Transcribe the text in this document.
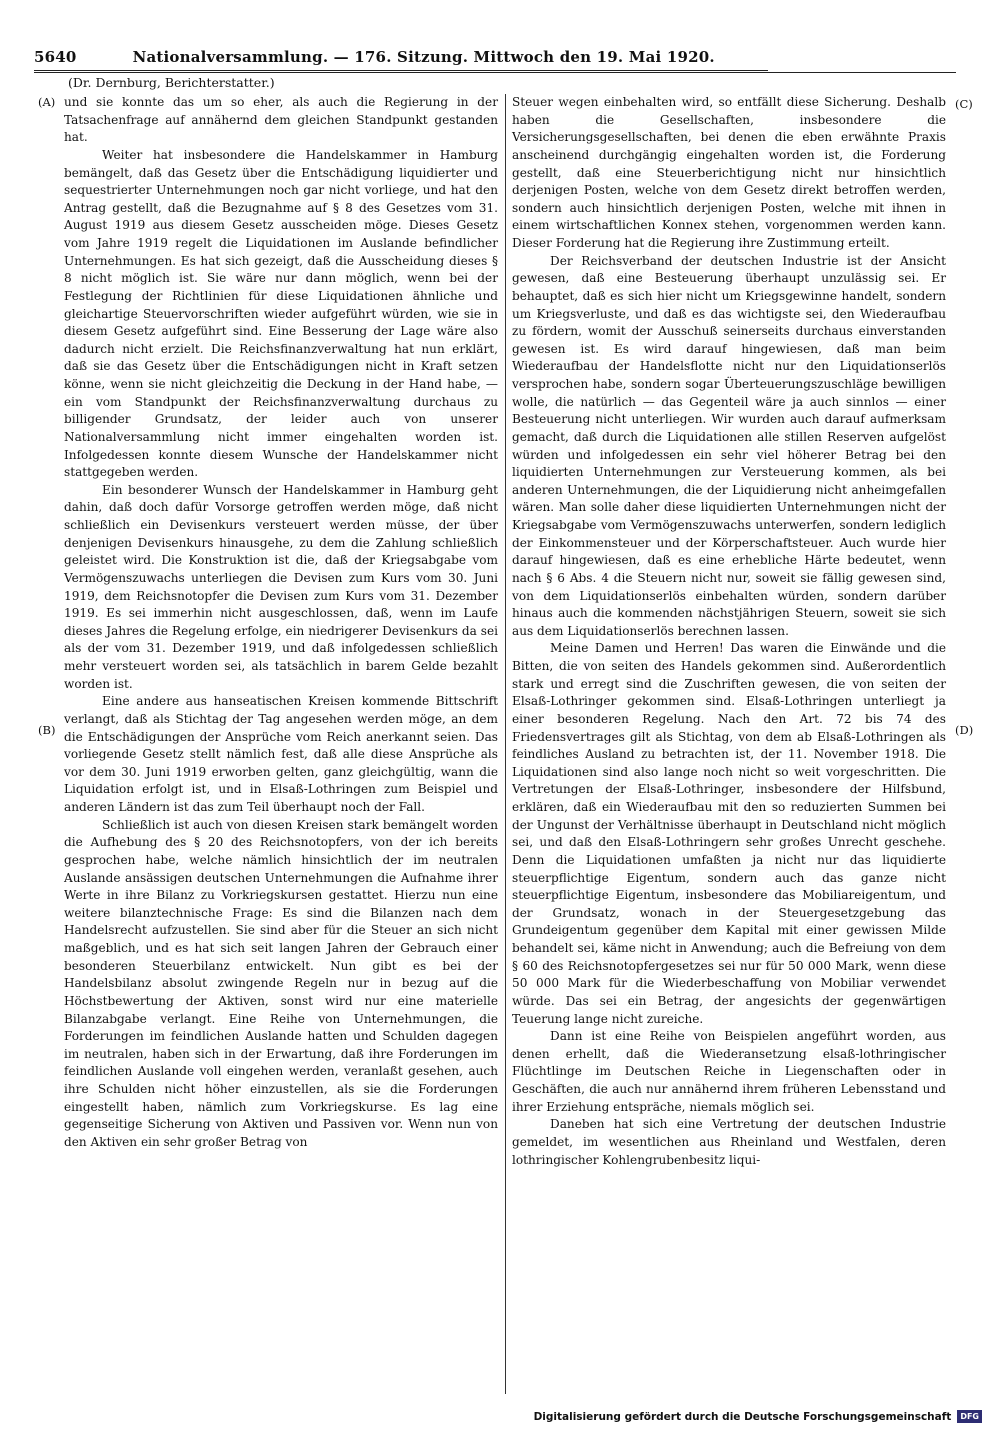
5640	Nationalversammlung. — 176. Sitzung. Mittwoch den 19. Mai 1920.
(Dr. Dernburg, Berichterstatter.)
(A)
(B)
(C)
(D)

und sie konnte das um so eher, als auch die Regierung in der Tatsachenfrage auf annähernd dem gleichen Standpunkt gestanden hat.

Weiter hat insbesondere die Handelskammer in Hamburg bemängelt, daß das Gesetz über die Entschädigung liquidierter und sequestrierter Unternehmungen noch gar nicht vorliege, und hat den Antrag gestellt, daß die Bezugnahme auf § 8 des Gesetzes vom 31. August 1919 aus diesem Gesetz ausscheiden möge. Dieses Gesetz vom Jahre 1919 regelt die Liquidationen im Auslande befindlicher Unternehmungen. Es hat sich gezeigt, daß die Ausscheidung dieses § 8 nicht möglich ist. Sie wäre nur dann möglich, wenn bei der Festlegung der Richtlinien für diese Liquidationen ähnliche und gleichartige Steuervorschriften wieder aufgeführt würden, wie sie in diesem Gesetz aufgeführt sind. Eine Besserung der Lage wäre also dadurch nicht erzielt. Die Reichsfinanzverwaltung hat nun erklärt, daß sie das Gesetz über die Entschädigungen nicht in Kraft setzen könne, wenn sie nicht gleichzeitig die Deckung in der Hand habe, — ein vom Standpunkt der Reichsfinanzverwaltung durchaus zu billigender Grundsatz, der leider auch von unserer Nationalversammlung nicht immer eingehalten worden ist. Infolgedessen konnte diesem Wunsche der Handelskammer nicht stattgegeben werden.

Ein besonderer Wunsch der Handelskammer in Hamburg geht dahin, daß doch dafür Vorsorge getroffen werden möge, daß nicht schließlich ein Devisenkurs versteuert werden müsse, der über denjenigen Devisenkurs hinausgehe, zu dem die Zahlung schließlich geleistet wird. Die Konstruktion ist die, daß der Kriegsabgabe vom Vermögenszuwachs unterliegen die Devisen zum Kurs vom 30. Juni 1919, dem Reichsnotopfer die Devisen zum Kurs vom 31. Dezember 1919. Es sei immerhin nicht ausgeschlossen, daß, wenn im Laufe dieses Jahres die Regelung erfolge, ein niedrigerer Devisenkurs da sei als der vom 31. Dezember 1919, und daß infolgedessen schließlich mehr versteuert worden sei, als tatsächlich in barem Gelde bezahlt worden ist.

Eine andere aus hanseatischen Kreisen kommende Bittschrift verlangt, daß als Stichtag der Tag angesehen werden möge, an dem die Entschädigungen der Ansprüche vom Reich anerkannt seien. Das vorliegende Gesetz stellt nämlich fest, daß alle diese Ansprüche als vor dem 30. Juni 1919 erworben gelten, ganz gleichgültig, wann die Liquidation erfolgt ist, und in Elsaß-Lothringen zum Beispiel und anderen Ländern ist das zum Teil überhaupt noch der Fall.

Schließlich ist auch von diesen Kreisen stark bemängelt worden die Aufhebung des § 20 des Reichsnotopfers, von der ich bereits gesprochen habe, welche nämlich hinsichtlich der im neutralen Auslande ansässigen deutschen Unternehmungen die Aufnahme ihrer Werte in ihre Bilanz zu Vorkriegskursen gestattet. Hierzu nun eine weitere bilanztechnische Frage: Es sind die Bilanzen nach dem Handelsrecht aufzustellen. Sie sind aber für die Steuer an sich nicht maßgeblich, und es hat sich seit langen Jahren der Gebrauch einer besonderen Steuerbilanz entwickelt. Nun gibt es bei der Handelsbilanz absolut zwingende Regeln nur in bezug auf die Höchstbewertung der Aktiven, sonst wird nur eine materielle Bilanzabgabe verlangt. Eine Reihe von Unternehmungen, die Forderungen im feindlichen Auslande hatten und Schulden dagegen im neutralen, haben sich in der Erwartung, daß ihre Forderungen im feindlichen Auslande voll eingehen werden, veranlaßt gesehen, auch ihre Schulden nicht höher einzustellen, als sie die Forderungen eingestellt haben, nämlich zum Vorkriegskurse. Es lag eine gegenseitige Sicherung von Aktiven und Passiven vor. Wenn nun von den Aktiven ein sehr großer Betrag von

Steuer wegen einbehalten wird, so entfällt diese Sicherung. Deshalb haben die Gesellschaften, insbesondere die Versicherungsgesellschaften, bei denen die eben erwähnte Praxis anscheinend durchgängig eingehalten worden ist, die Forderung gestellt, daß eine Steuerberichtigung nicht nur hinsichtlich derjenigen Posten, welche von dem Gesetz direkt betroffen werden, sondern auch hinsichtlich derjenigen Posten, welche mit ihnen in einem wirtschaftlichen Konnex stehen, vorgenommen werden kann. Dieser Forderung hat die Regierung ihre Zustimmung erteilt.

Der Reichsverband der deutschen Industrie ist der Ansicht gewesen, daß eine Besteuerung überhaupt unzulässig sei. Er behauptet, daß es sich hier nicht um Kriegsgewinne handelt, sondern um Kriegsverluste, und daß es das wichtigste sei, den Wiederaufbau zu fördern, womit der Ausschuß seinerseits durchaus einverstanden gewesen ist. Es wird darauf hingewiesen, daß man beim Wiederaufbau der Handelsflotte nicht nur den Liquidationserlös versprochen habe, sondern sogar Überteuerungszuschläge bewilligen wolle, die natürlich — das Gegenteil wäre ja auch sinnlos — einer Besteuerung nicht unterliegen. Wir wurden auch darauf aufmerksam gemacht, daß durch die Liquidationen alle stillen Reserven aufgelöst würden und infolgedessen ein sehr viel höherer Betrag bei den liquidierten Unternehmungen zur Versteuerung kommen, als bei anderen Unternehmungen, die der Liquidierung nicht anheimgefallen wären. Man solle daher diese liquidierten Unternehmungen nicht der Kriegsabgabe vom Vermögenszuwachs unterwerfen, sondern lediglich der Einkommensteuer und der Körperschaftsteuer. Auch wurde hier darauf hingewiesen, daß es eine erhebliche Härte bedeutet, wenn nach § 6 Abs. 4 die Steuern nicht nur, soweit sie fällig gewesen sind, von dem Liquidationserlös einbehalten würden, sondern darüber hinaus auch die kommenden nächstjährigen Steuern, soweit sie sich aus dem Liquidationserlös berechnen lassen.

Meine Damen und Herren! Das waren die Einwände und die Bitten, die von seiten des Handels gekommen sind. Außerordentlich stark und erregt sind die Zuschriften gewesen, die von seiten der Elsaß-Lothringer gekommen sind. Elsaß-Lothringen unterliegt ja einer besonderen Regelung. Nach den Art. 72 bis 74 des Friedensvertrages gilt als Stichtag, von dem ab Elsaß-Lothringen als feindliches Ausland zu betrachten ist, der 11. November 1918. Die Liquidationen sind also lange noch nicht so weit vorgeschritten. Die Vertretungen der Elsaß-Lothringer, insbesondere der Hilfsbund, erklären, daß ein Wiederaufbau mit den so reduzierten Summen bei der Ungunst der Verhältnisse überhaupt in Deutschland nicht möglich sei, und daß den Elsaß-Lothringern sehr großes Unrecht geschehe. Denn die Liquidationen umfaßten ja nicht nur das liquidierte steuerpflichtige Eigentum, sondern auch das ganze nicht steuerpflichtige Eigentum, insbesondere das Mobiliareigentum, und der Grundsatz, wonach in der Steuergesetzgebung das Grundeigentum gegenüber dem Kapital mit einer gewissen Milde behandelt sei, käme nicht in Anwendung; auch die Befreiung von dem § 60 des Reichsnotopfergesetzes sei nur für 50 000 Mark, wenn diese 50 000 Mark für die Wiederbeschaffung von Mobiliar verwendet würde. Das sei ein Betrag, der angesichts der gegenwärtigen Teuerung lange nicht zureiche.

Dann ist eine Reihe von Beispielen angeführt worden, aus denen erhellt, daß die Wiederansetzung elsaß-lothringischer Flüchtlinge im Deutschen Reiche in Liegenschaften oder in Geschäften, die auch nur annähernd ihrem früheren Lebensstand und ihrer Erziehung entspräche, niemals möglich sei.

Daneben hat sich eine Vertretung der deutschen Industrie gemeldet, im wesentlichen aus Rheinland und Westfalen, deren lothringischer Kohlengrubenbesitz liqui-

Digitalisierung gefördert durch die Deutsche Forschungsgemeinschaft	DFG
